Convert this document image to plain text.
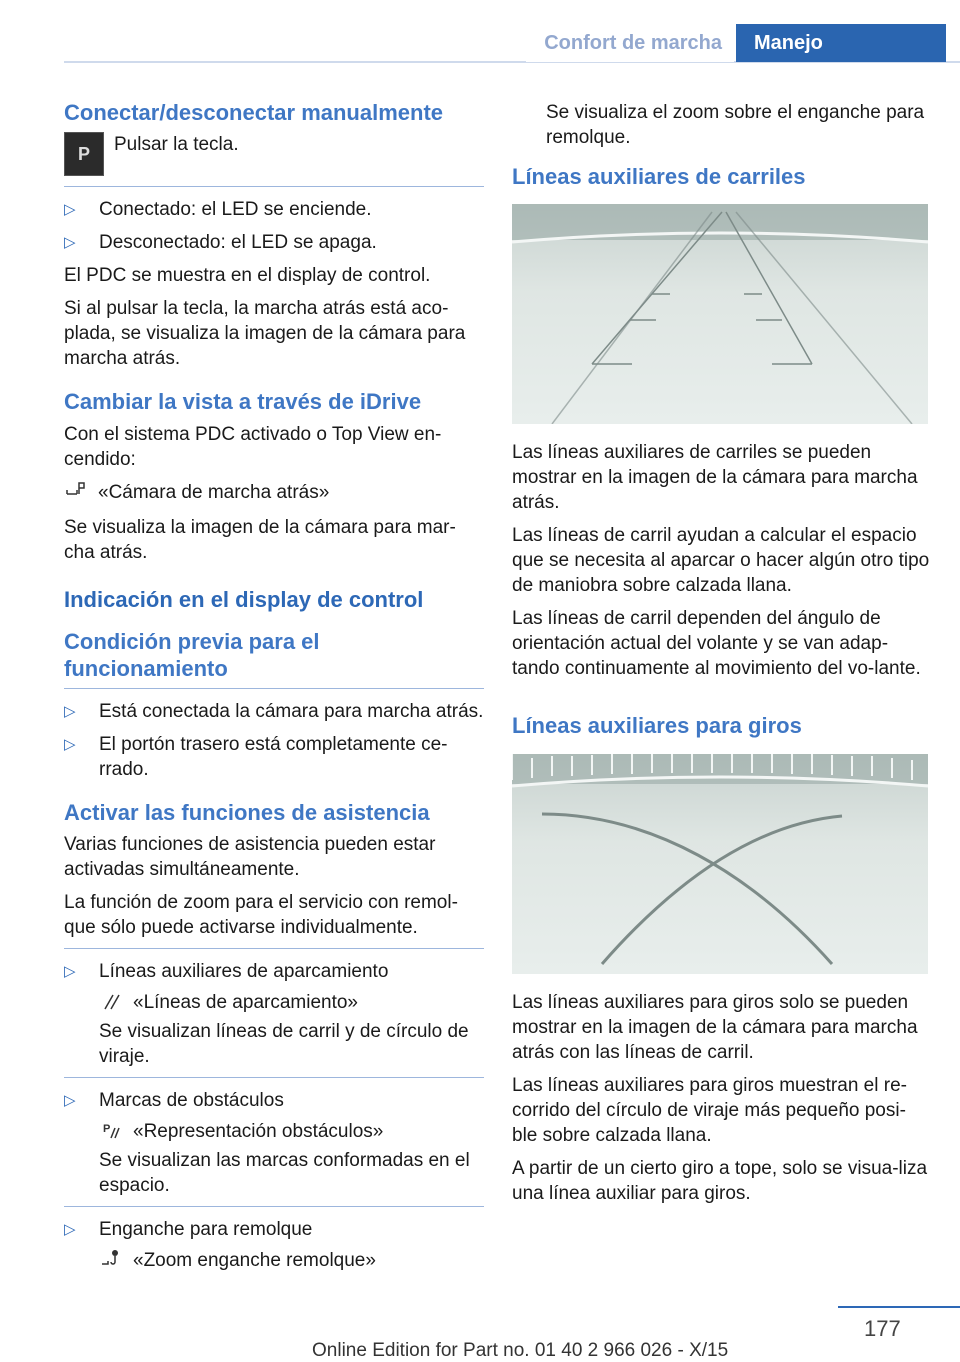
Confort de marcha	Manejo
Conectar/desconectar manualmente
P Pulsar la tecla.
▷ Conectado: el LED se enciende.
▷ Desconectado: el LED se apaga.

El PDC se muestra en el display de control.

Si al pulsar la tecla, la marcha atrás está aco-plada, se visualiza la imagen de la cámara para marcha atrás.

Cambiar la vista a través de iDrive

Con el sistema PDC activado o Top View en-cendido:

«Cámara de marcha atrás»

Se visualiza la imagen de la cámara para mar-cha atrás.

Indicación en el display de control
Condición previa para el funcionamiento
▷ Está conectada la cámara para marcha atrás.
▷ El portón trasero está completamente ce-rrado.
Activar las funciones de asistencia

Varias funciones de asistencia pueden estar activadas simultáneamente.

La función de zoom para el servicio con remol-que sólo puede activarse individualmente.

▷ Líneas auxiliares de aparcamiento
«Líneas de aparcamiento»
Se visualizan líneas de carril y de círculo de viraje.
▷ Marcas de obstáculos
P «Representación obstáculos»
Se visualizan las marcas conformadas en el espacio.
▷ Enganche para remolque
«Zoom enganche remolque»

Se visualiza el zoom sobre el enganche para remolque.

Líneas auxiliares de carriles

Las líneas auxiliares de carriles se pueden mostrar en la imagen de la cámara para marcha atrás.

Las líneas de carril ayudan a calcular el espacio que se necesita al aparcar o hacer algún otro tipo de maniobra sobre calzada llana.

Las líneas de carril dependen del ángulo de orientación actual del volante y se van adap-tando continuamente al movimiento del vo-lante.

Líneas auxiliares para giros

Las líneas auxiliares para giros solo se pueden mostrar en la imagen de la cámara para marcha atrás con las líneas de carril.

Las líneas auxiliares para giros muestran el re-corrido del círculo de viraje más pequeño posi-ble sobre calzada llana.

A partir de un cierto giro a tope, solo se visua-liza una línea auxiliar para giros.

177
Online Edition for Part no. 01 40 2 966 026 - X/15
